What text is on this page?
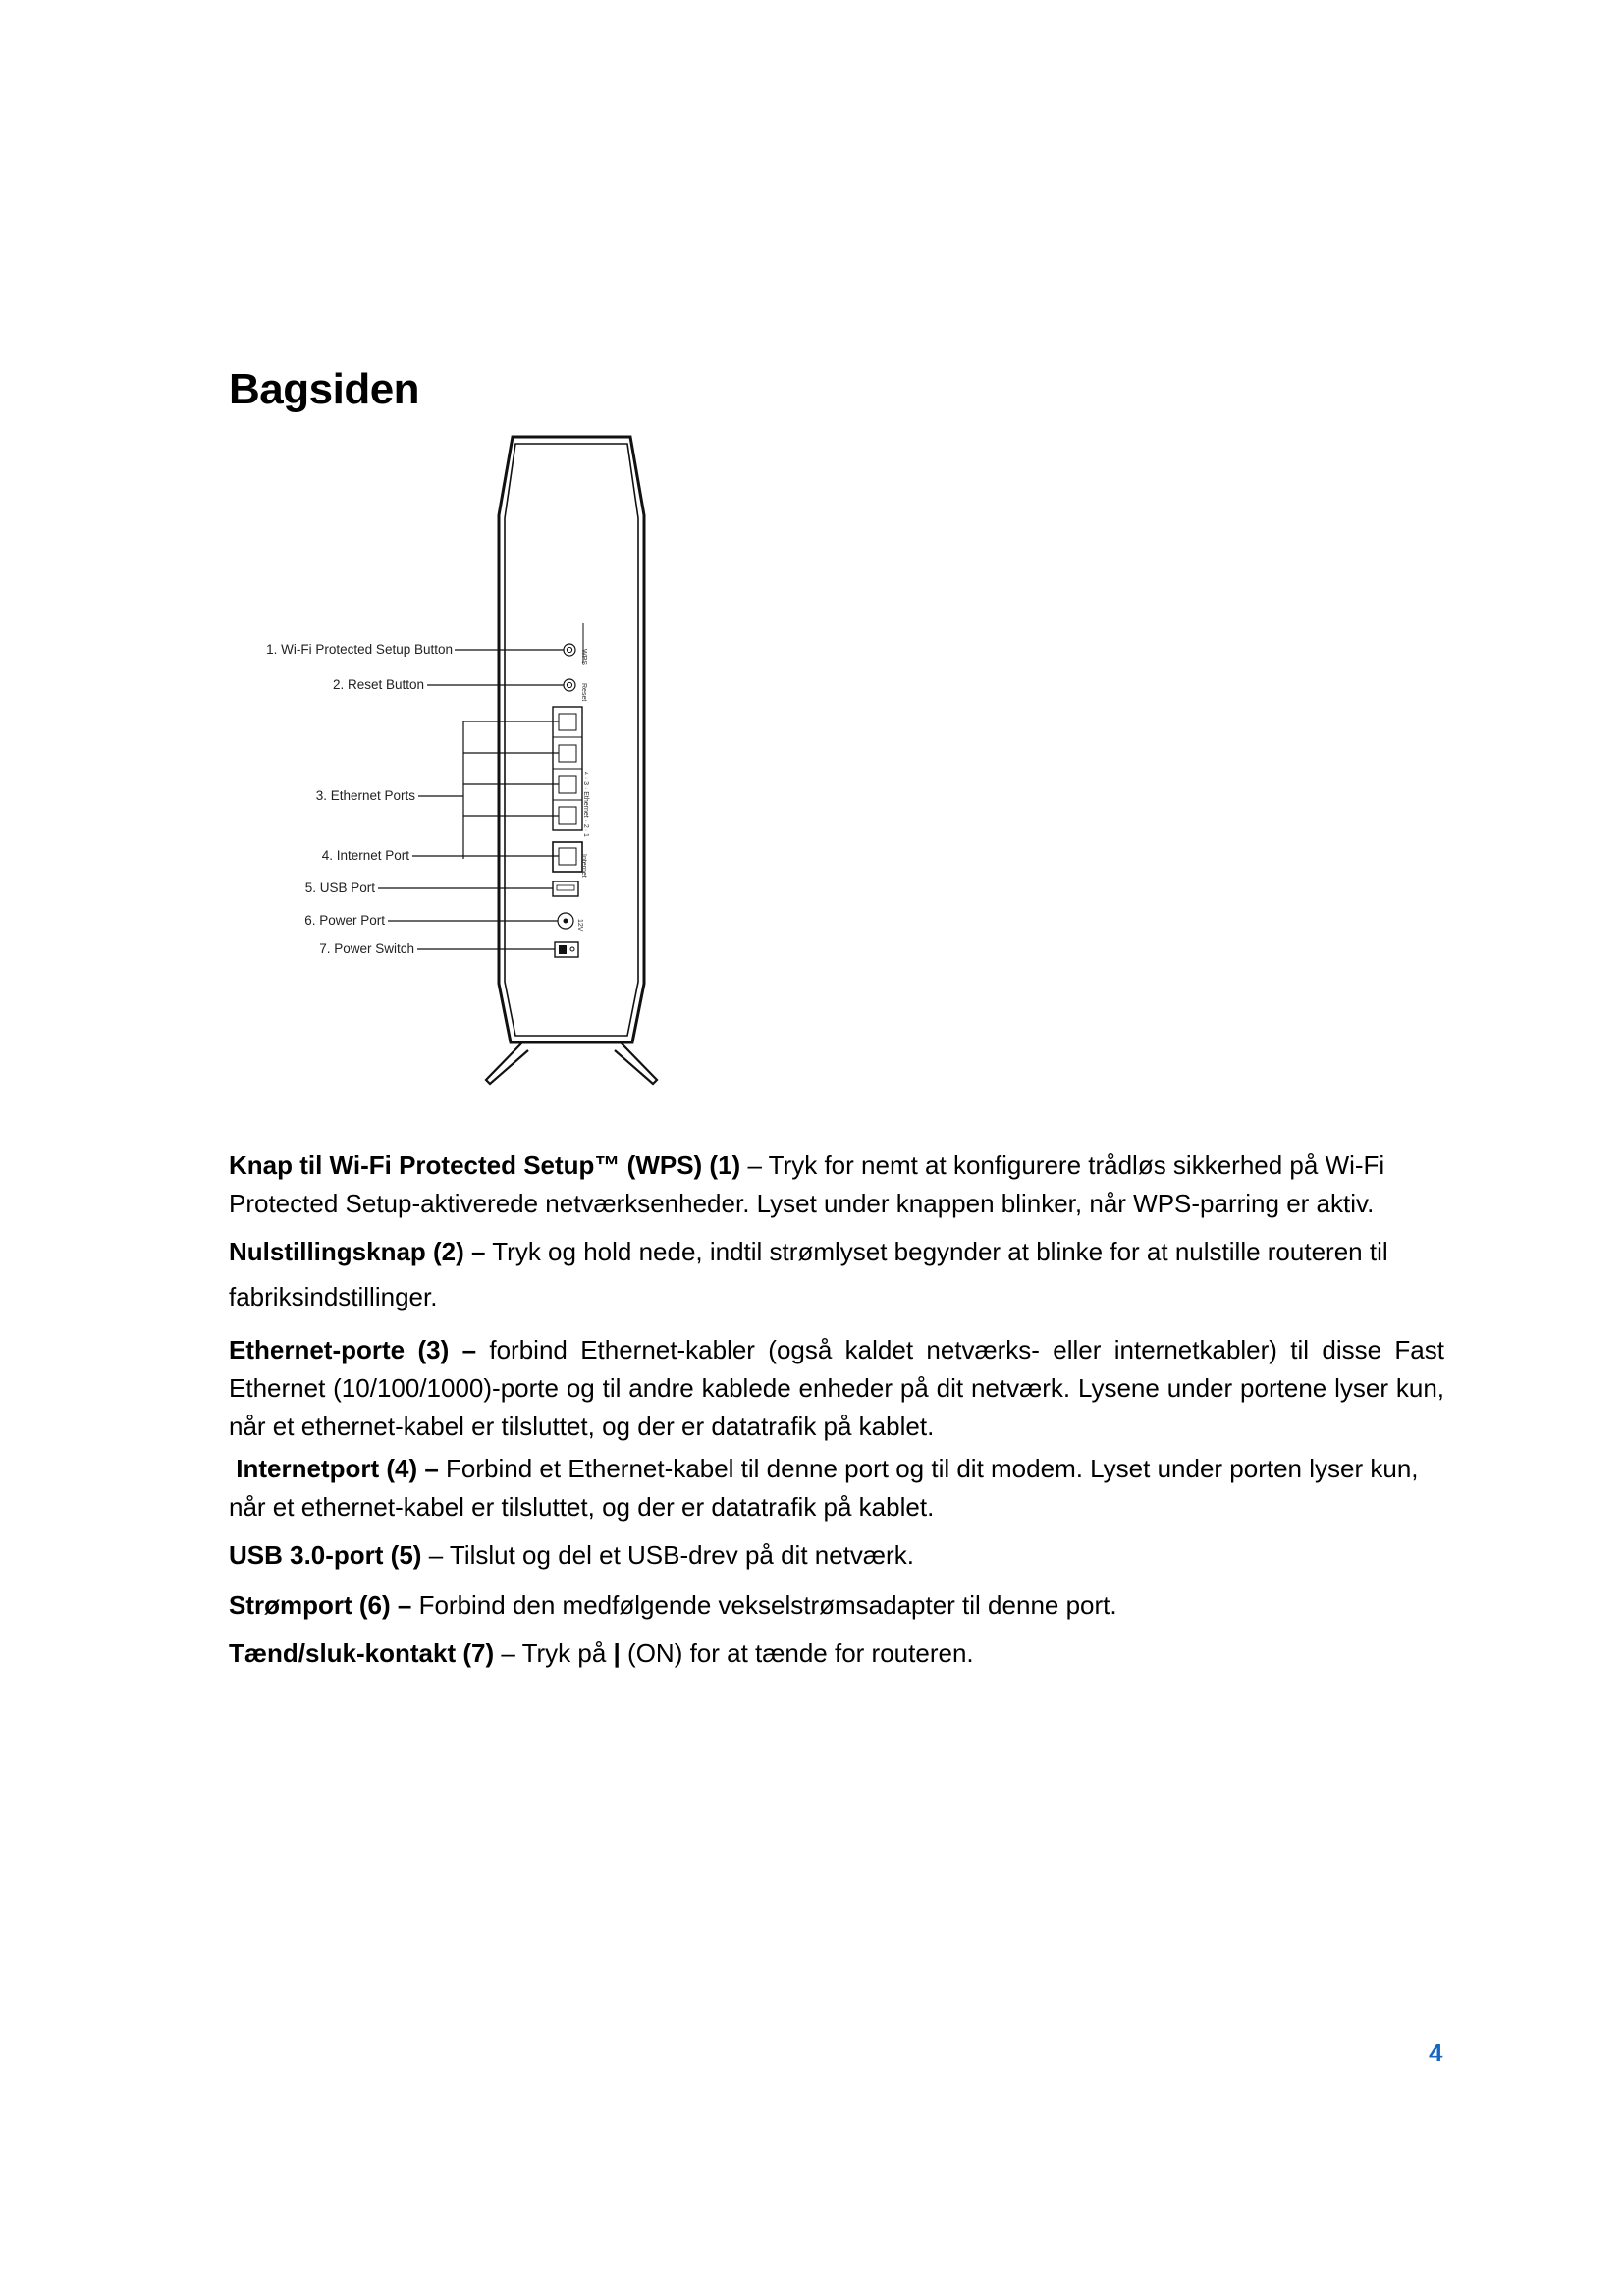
Bagsiden
WPS
Reset
4 · 3 · Ethernet · 2 · 1
Internet
12V
1. Wi-Fi Protected Setup Button
2. Reset Button
3. Ethernet Ports
4. Internet Port
5. USB Port
6. Power Port
7. Power Switch

Knap til Wi-Fi Protected Setup™ (WPS) (1) – Tryk for nemt at konfigurere trådløs sikkerhed på Wi-Fi Protected Setup-aktiverede netværksenheder. Lyset under knappen blinker, når WPS-parring er aktiv.

Nulstillingsknap (2) – Tryk og hold nede, indtil strømlyset begynder at blinke for at nulstille routeren til fabriksindstillinger.

Ethernet-porte (3) – forbind Ethernet-kabler (også kaldet netværks- eller internetkabler) til disse Fast Ethernet (10/100/1000)-porte og til andre kablede enheder på dit netværk. Lysene under portene lyser kun, når et ethernet-kabel er tilsluttet, og der er datatrafik på kablet.

Internetport (4) – Forbind et Ethernet-kabel til denne port og til dit modem. Lyset under porten lyser kun, når et ethernet-kabel er tilsluttet, og der er datatrafik på kablet.

USB 3.0-port (5) – Tilslut og del et USB-drev på dit netværk.

Strømport (6) – Forbind den medfølgende vekselstrømsadapter til denne port.

Tænd/sluk-kontakt (7) – Tryk på | (ON) for at tænde for routeren.

4
